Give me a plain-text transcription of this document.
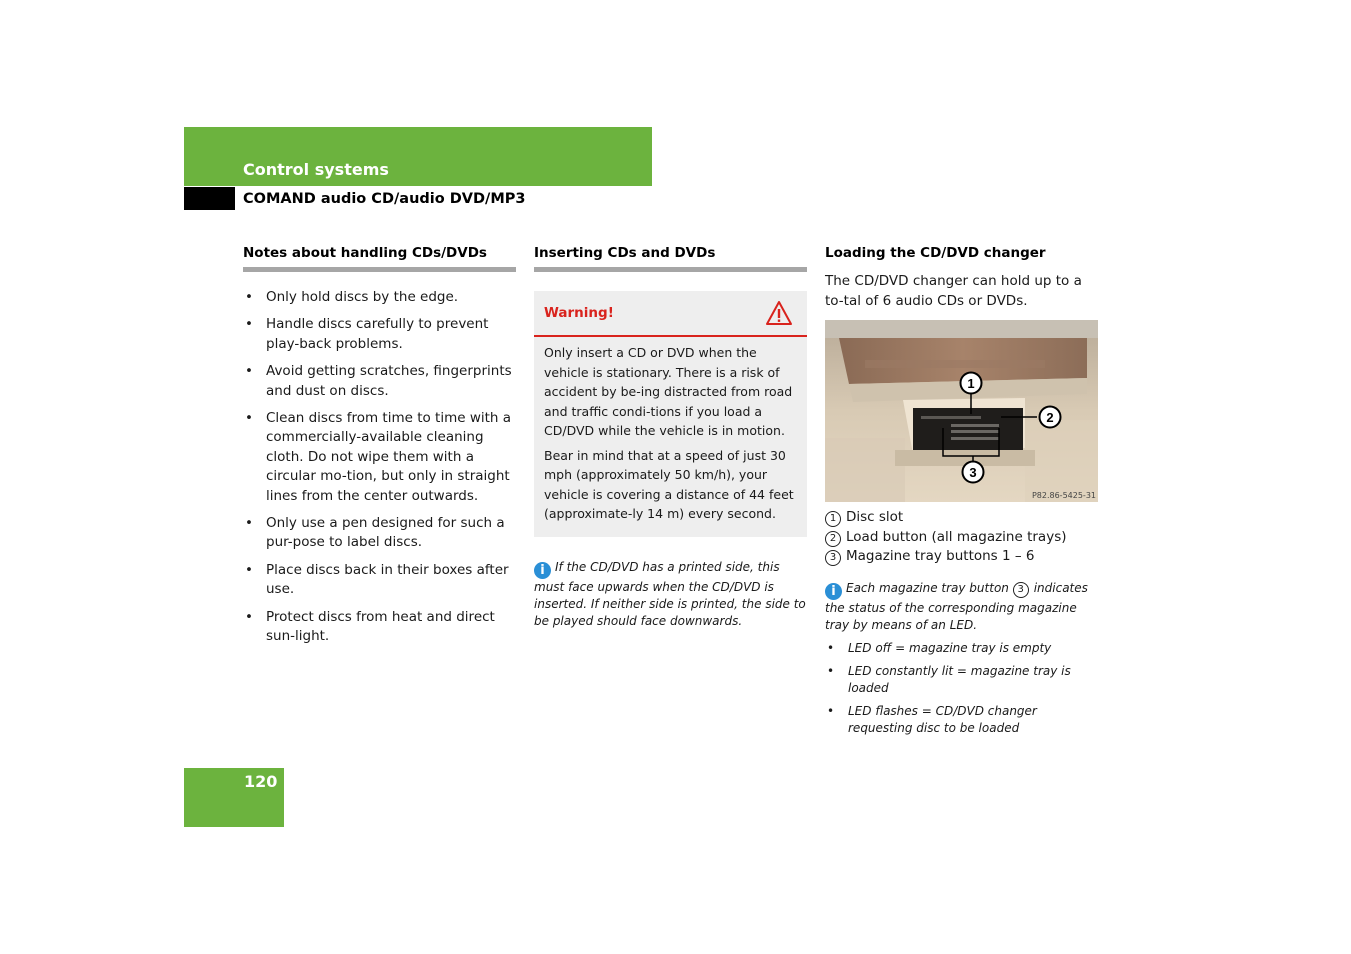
Control systems
COMAND audio CD/audio DVD/MP3
Notes about handling CDs/DVDs
• Only hold discs by the edge.
• Handle discs carefully to prevent play-back problems.
• Avoid getting scratches, fingerprints and dust on discs.
• Clean discs from time to time with a commercially-available cleaning cloth. Do not wipe them with a circular mo-tion, but only in straight lines from the center outwards.
• Only use a pen designed for such a pur-pose to label discs.
• Place discs back in their boxes after use.
• Protect discs from heat and direct sun-light.
Inserting CDs and DVDs
Warning!

Only insert a CD or DVD when the vehicle is stationary. There is a risk of accident by be-ing distracted from road and traffic condi-tions if you load a CD/DVD while the vehicle is in motion.

Bear in mind that at a speed of just 30 mph (approximately 50 km/h), your vehicle is covering a distance of 44 feet (approximate-ly 14 m) every second.

i If the CD/DVD has a printed side, this must face upwards when the CD/DVD is inserted. If neither side is printed, the side to be played should face downwards.
Loading the CD/DVD changer
The CD/DVD changer can hold up to a to-tal of 6 audio CDs or DVDs.
1
2
3
P82.86-5425-31
1 Disc slot
2 Load button (all magazine trays)
3 Magazine tray buttons 1 – 6
i Each magazine tray button 3 indicates the status of the corresponding magazine tray by means of an LED.
• LED off = magazine tray is empty
• LED constantly lit = magazine tray is loaded
• LED flashes = CD/DVD changer requesting disc to be loaded
120
